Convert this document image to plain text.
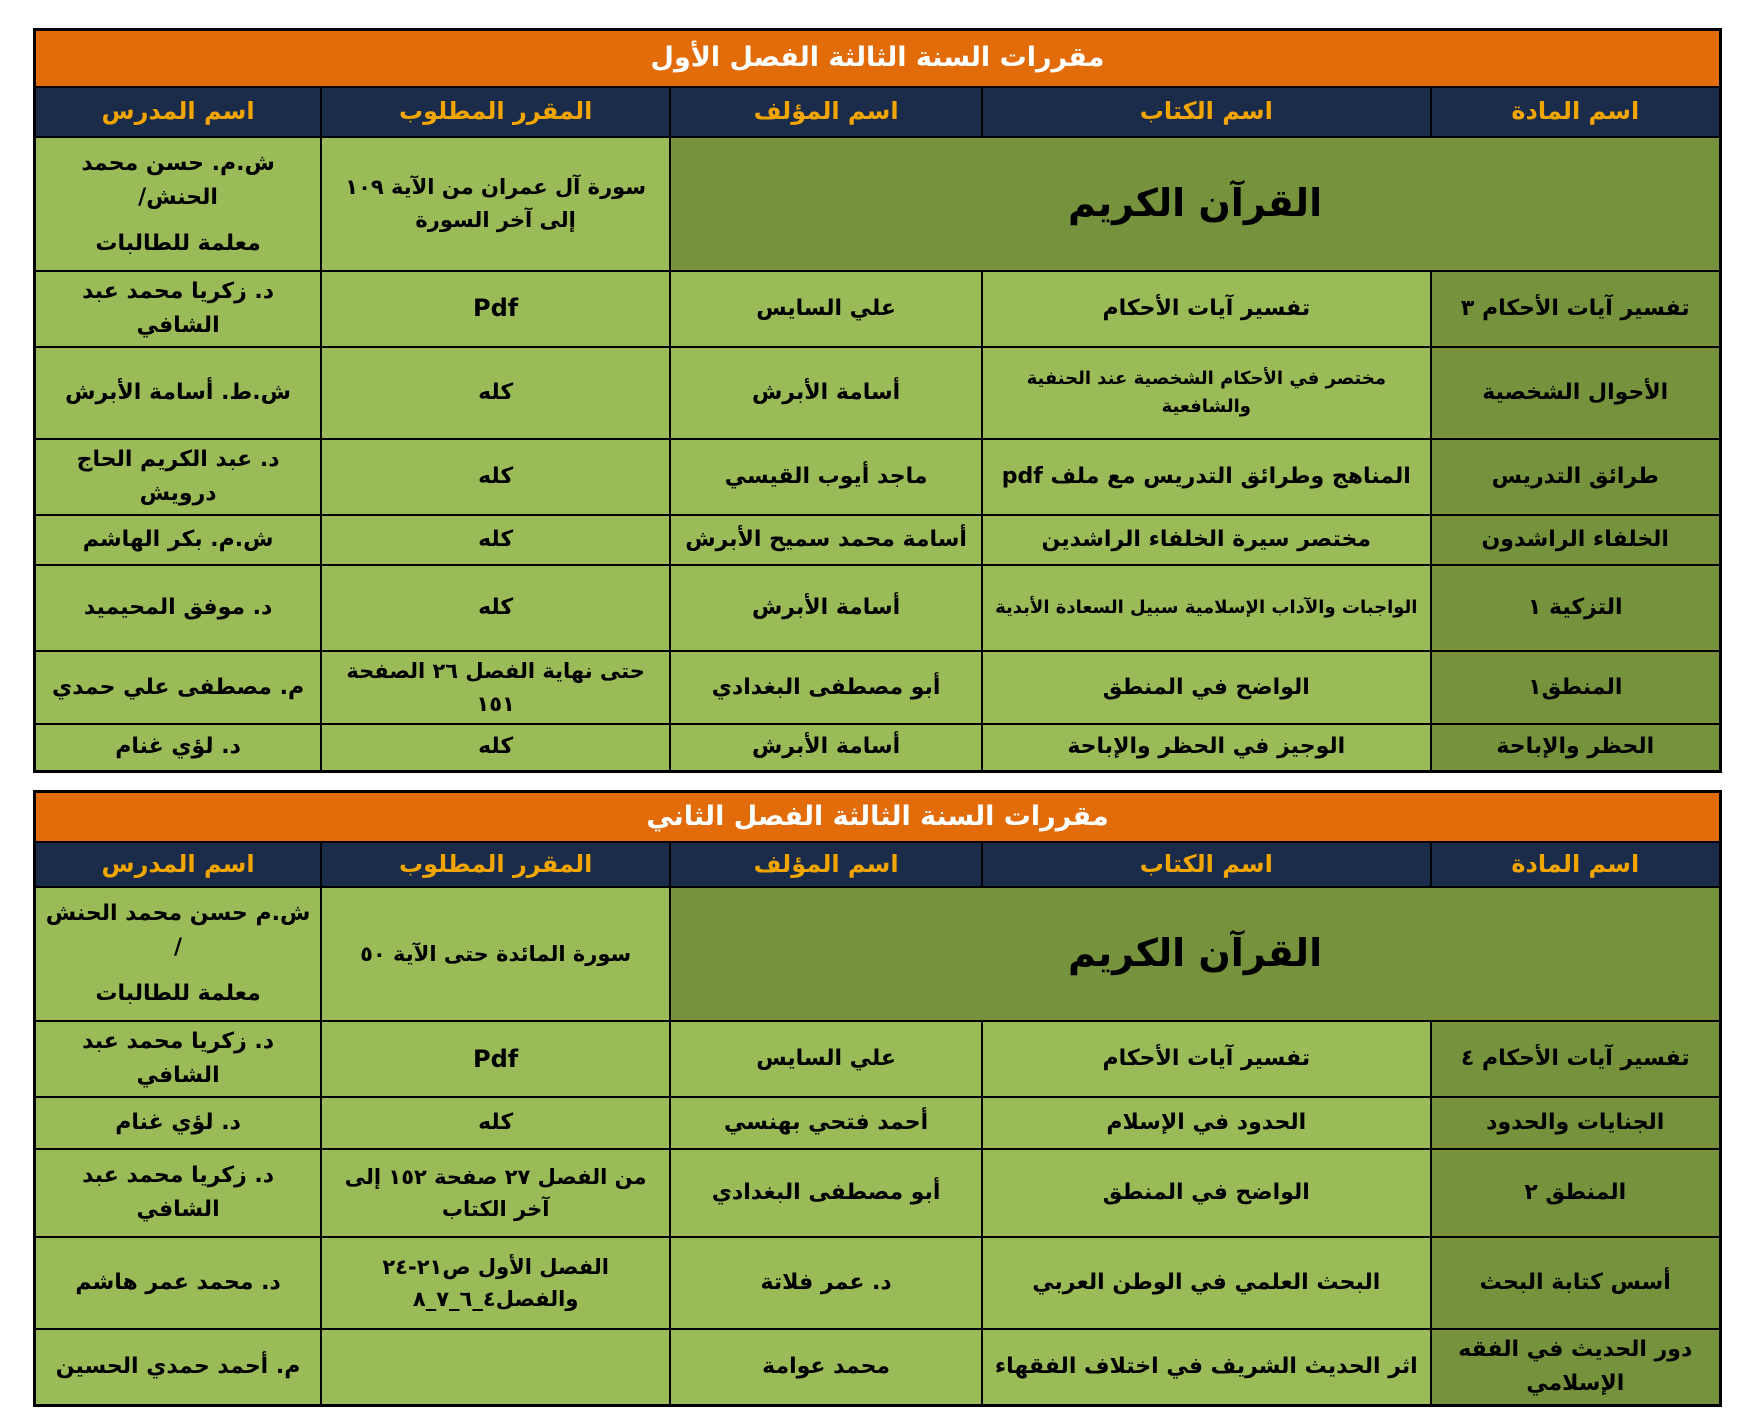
مقررات السنة الثالثة الفصل الأول				
اسم المادة	اسم الكتاب	اسم المؤلف	المقرر المطلوب	اسم المدرس
القرآن الكريم			سورة آل عمران من الآية ١٠٩ إلى آخر السورة	ش.م. حسن محمد الحنش/
معلمة للطالبات

تفسير آيات الأحكام ٣	تفسير آيات الأحكام	علي السايس	Pdf	د. زكريا محمد عبد الشافي
الأحوال الشخصية	مختصر في الأحكام الشخصية عند الحنفية والشافعية	أسامة الأبرش	كله	ش.ط. أسامة الأبرش
طرائق التدريس	المناهج وطرائق التدريس مع ملف pdf	ماجد أيوب القيسي	كله	د. عبد الكريم الحاج درويش
الخلفاء الراشدون	مختصر سيرة الخلفاء الراشدين	أسامة محمد سميح الأبرش	كله	ش.م. بكر الهاشم
التزكية ١	الواجبات والآداب الإسلامية سبيل السعادة الأبدية	أسامة الأبرش	كله	د. موفق المحيميد
المنطق١	الواضح في المنطق	أبو مصطفى البغدادي	حتى نهاية الفصل ٢٦ الصفحة ١٥١	م. مصطفى علي حمدي
الحظر والإباحة	الوجيز في الحظر والإباحة	أسامة الأبرش	كله	د. لؤي غنام
مقررات السنة الثالثة الفصل الثاني				
اسم المادة	اسم الكتاب	اسم المؤلف	المقرر المطلوب	اسم المدرس
القرآن الكريم			سورة المائدة حتى الآية ٥٠	ش.م حسن محمد الحنش /
معلمة للطالبات

تفسير آيات الأحكام ٤	تفسير آيات الأحكام	علي السايس	Pdf	د. زكريا محمد عبد الشافي
الجنايات والحدود	الحدود في الإسلام	أحمد فتحي بهنسي	كله	د. لؤي غنام
المنطق ٢	الواضح في المنطق	أبو مصطفى البغدادي	من الفصل ٢٧ صفحة ١٥٢ إلى آخر الكتاب	د. زكريا محمد عبد الشافي
أسس كتابة البحث	البحث العلمي في الوطن العربي	د. عمر فلاتة	الفصل الأول ص٢١-٢٤ والفصل٤_٦_٧_٨	د. محمد عمر هاشم
دور الحديث في الفقه الإسلامي	اثر الحديث الشريف في اختلاف الفقهاء	محمد عوامة		م. أحمد حمدي الحسين
